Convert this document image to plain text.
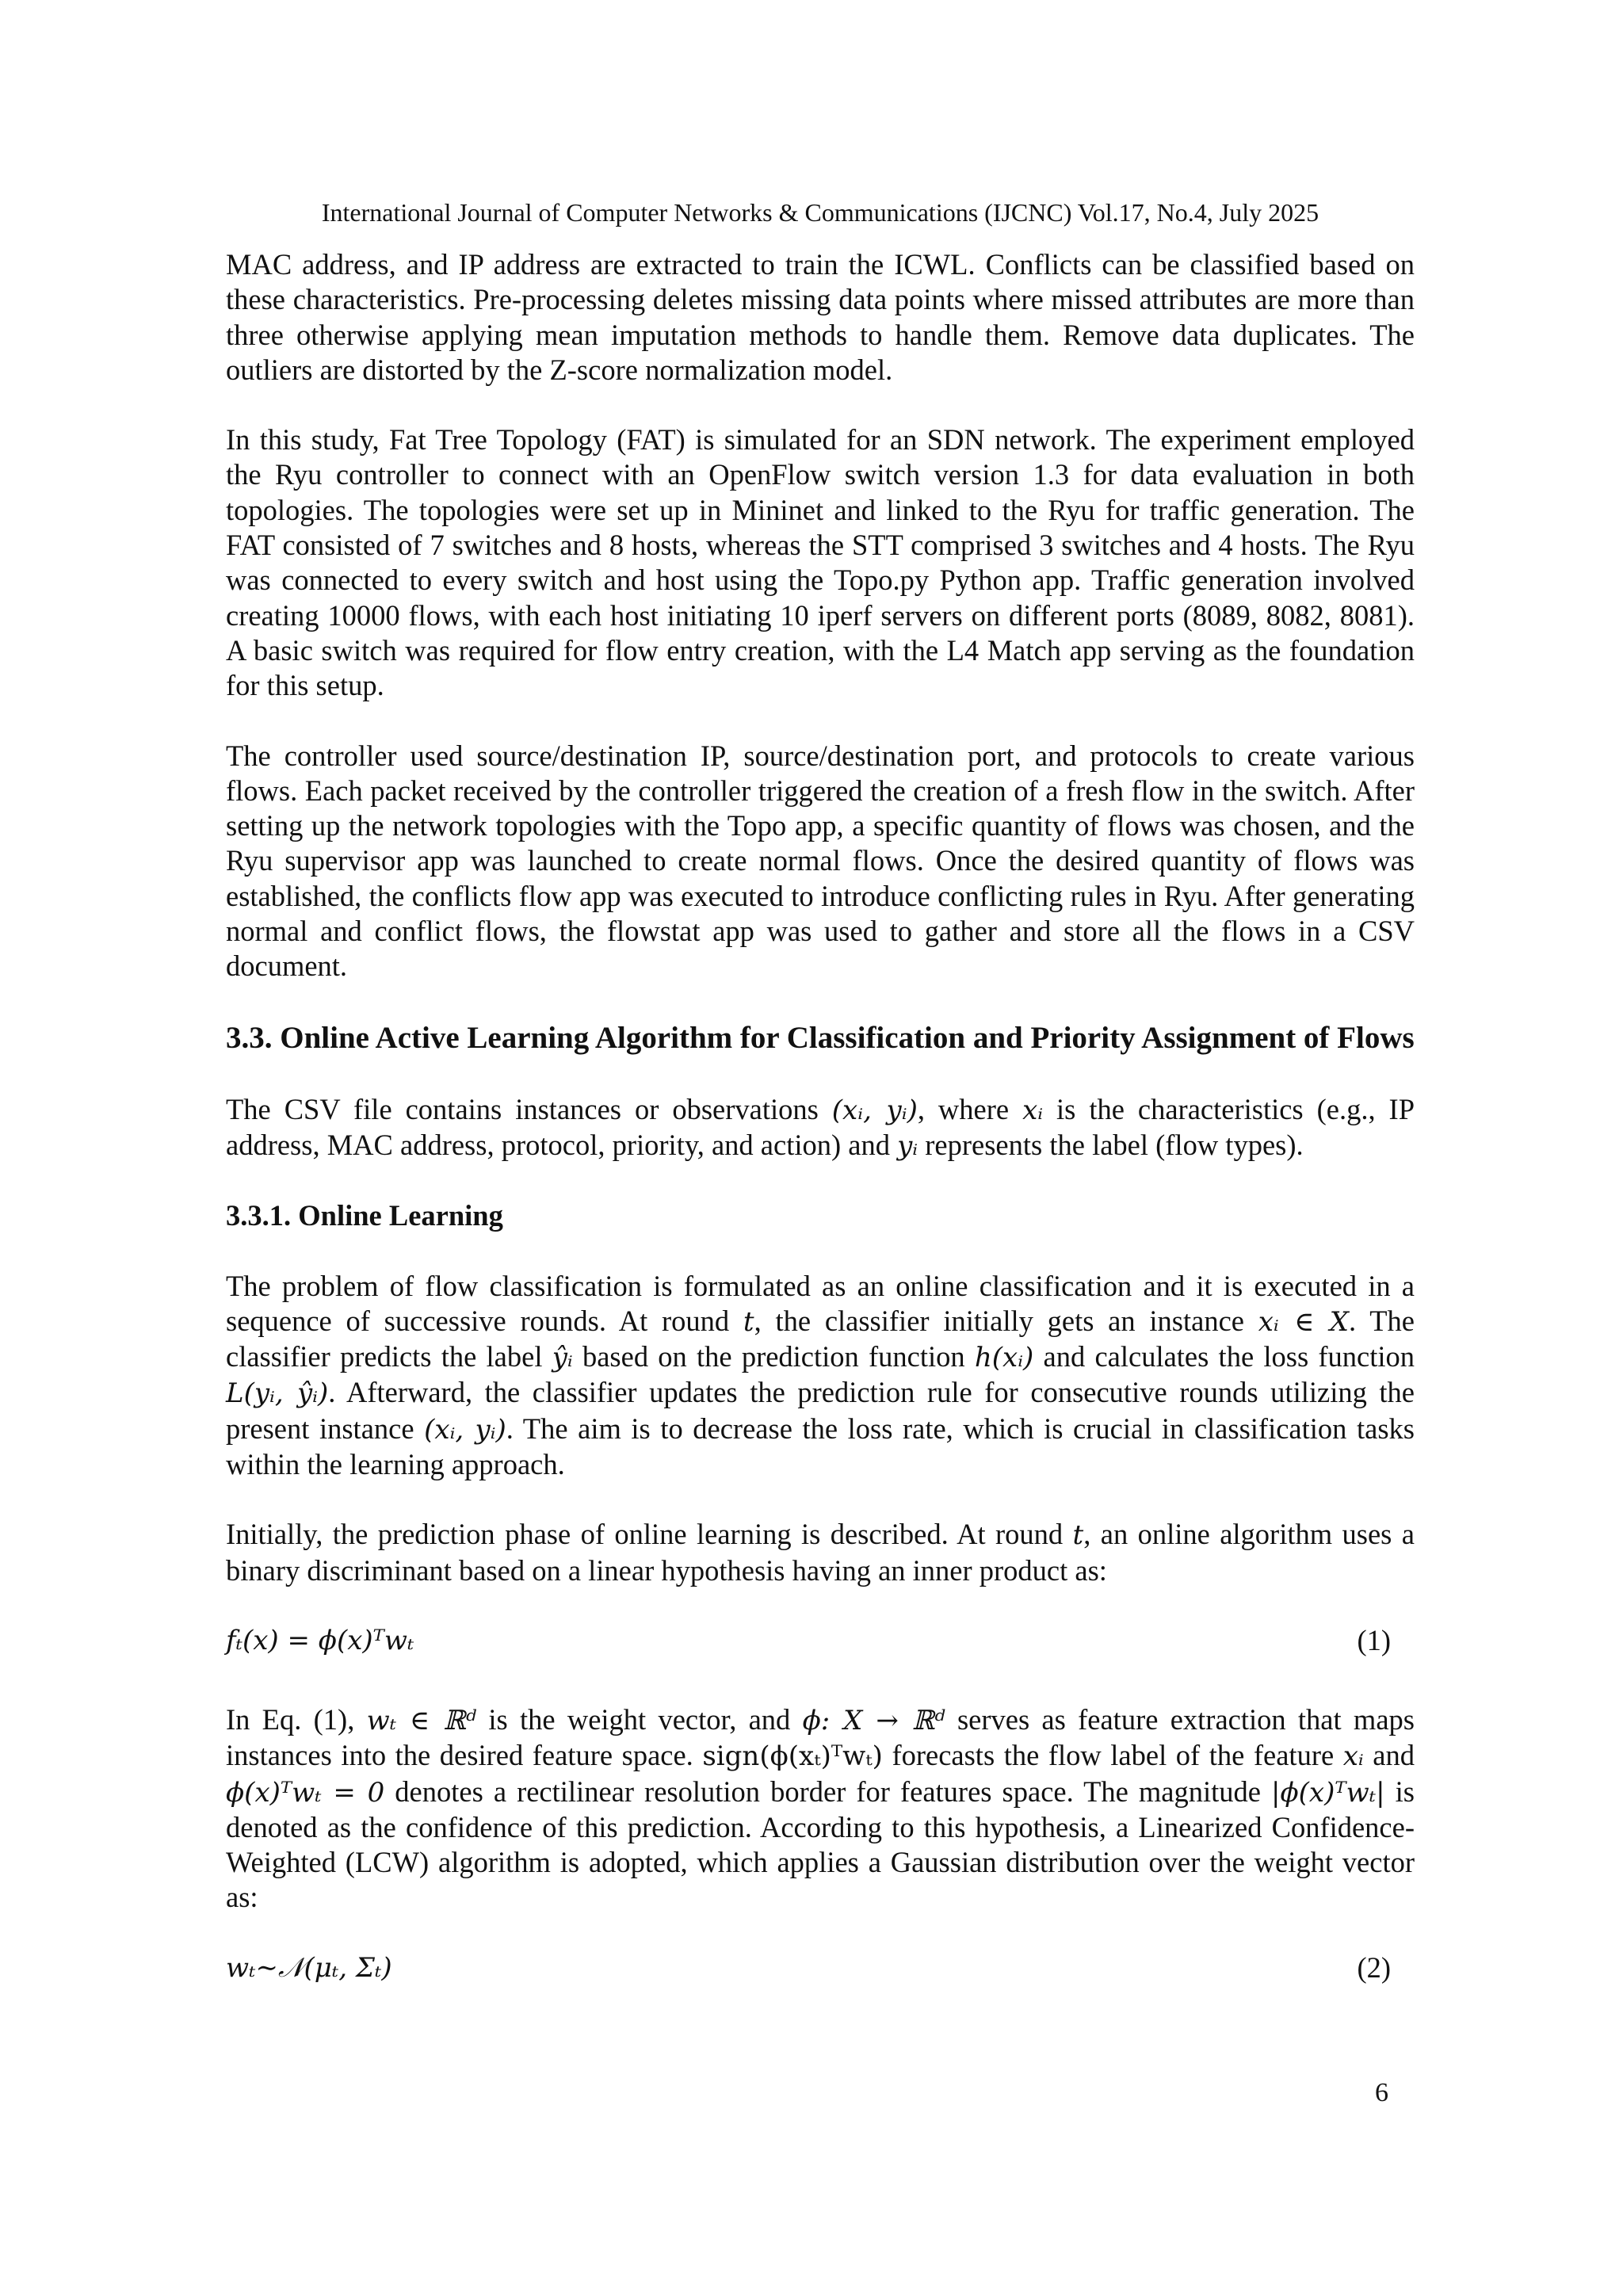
International Journal of Computer Networks & Communications (IJCNC) Vol.17, No.4, July 2025

MAC address, and IP address are extracted to train the ICWL. Conflicts can be classified based on these characteristics. Pre-processing deletes missing data points where missed attributes are more than three otherwise applying mean imputation methods to handle them. Remove data duplicates. The outliers are distorted by the Z-score normalization model.

In this study, Fat Tree Topology (FAT) is simulated for an SDN network. The experiment employed the Ryu controller to connect with an OpenFlow switch version 1.3 for data evaluation in both topologies. The topologies were set up in Mininet and linked to the Ryu for traffic generation. The FAT consisted of 7 switches and 8 hosts, whereas the STT comprised 3 switches and 4 hosts. The Ryu was connected to every switch and host using the Topo.py Python app. Traffic generation involved creating 10000 flows, with each host initiating 10 iperf servers on different ports (8089, 8082, 8081). A basic switch was required for flow entry creation, with the L4 Match app serving as the foundation for this setup.

The controller used source/destination IP, source/destination port, and protocols to create various flows. Each packet received by the controller triggered the creation of a fresh flow in the switch. After setting up the network topologies with the Topo app, a specific quantity of flows was chosen, and the Ryu supervisor app was launched to create normal flows. Once the desired quantity of flows was established, the conflicts flow app was executed to introduce conflicting rules in Ryu. After generating normal and conflict flows, the flowstat app was used to gather and store all the flows in a CSV document.

3.3. Online Active Learning Algorithm for Classification and Priority Assignment of Flows

The CSV file contains instances or observations (xᵢ, yᵢ), where xᵢ is the characteristics (e.g., IP address, MAC address, protocol, priority, and action) and yᵢ represents the label (flow types).

3.3.1. Online Learning

The problem of flow classification is formulated as an online classification and it is executed in a sequence of successive rounds. At round t, the classifier initially gets an instance xᵢ ∈ X. The classifier predicts the label ŷᵢ based on the prediction function h(xᵢ) and calculates the loss function L(yᵢ, ŷᵢ). Afterward, the classifier updates the prediction rule for consecutive rounds utilizing the present instance (xᵢ, yᵢ). The aim is to decrease the loss rate, which is crucial in classification tasks within the learning approach.

Initially, the prediction phase of online learning is described. At round t, an online algorithm uses a binary discriminant based on a linear hypothesis having an inner product as:

fₜ(x) = ϕ(x)ᵀwₜ	(1)

In Eq. (1), wₜ ∈ ℝᵈ is the weight vector, and ϕ: X → ℝᵈ serves as feature extraction that maps instances into the desired feature space. sign(ϕ(xₜ)ᵀwₜ) forecasts the flow label of the feature xᵢ and ϕ(x)ᵀwₜ = 0 denotes a rectilinear resolution border for features space. The magnitude |ϕ(x)ᵀwₜ| is denoted as the confidence of this prediction. According to this hypothesis, a Linearized Confidence-Weighted (LCW) algorithm is adopted, which applies a Gaussian distribution over the weight vector as:

wₜ∼𝒩(μₜ, Σₜ)	(2)
6
